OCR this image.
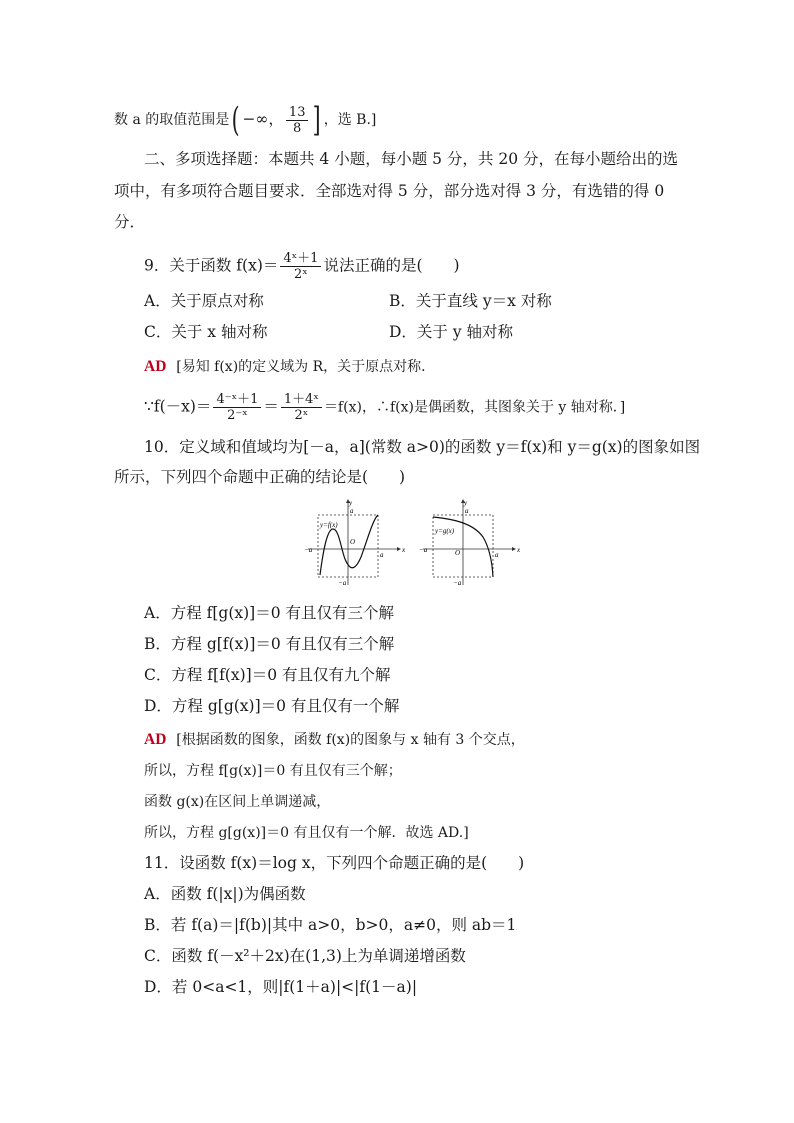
数 a 的取值范围是( −∞， $\frac{13}{8}$ ] ，选 B.]
二、多项选择题：本题共 4 小题，每小题 5 分，共 20 分，在每小题给出的选
项中，有多项符合题目要求．全部选对得 5 分，部分选对得 3 分，有选错的得 0
分．
9．关于函数 $f(x)= \frac{\text{4ˣ＋1}}{\text{2ˣ}}$ 说法正确的是(　　)
A．关于原点对称	B．关于直线 y＝x 对称
C．关于 x 轴对称	D．关于 y 轴对称
AD [易知 f(x)的定义域为 R，关于原点对称．
∵f(－x)＝ $\frac{\text{4⁻ˣ＋1}}{\text{2⁻ˣ}} = \frac{\text{1＋4ˣ}}{\text{2ˣ}} =f(x)$，∴f(x)是偶函数，其图象关于 y 轴对称．]
10．定义域和值域均为[－a，a](常数 a>0)的函数 y＝f(x)和 y＝g(x)的图象如图
所示，下列四个命题中正确的结论是(　　)
y
x
a
y=f(x)
−a
a
O
−a
y
x
a
y=g(x)
−a
a
O
−a
A．方程 f[g(x)]＝0 有且仅有三个解
B．方程 g[f(x)]＝0 有且仅有三个解
C．方程 f[f(x)]＝0 有且仅有九个解
D．方程 g[g(x)]＝0 有且仅有一个解
AD [根据函数的图象，函数 f(x)的图象与 x 轴有 3 个交点，
所以，方程 f[g(x)]＝0 有且仅有三个解；
函数 g(x)在区间上单调递减，
所以，方程 g[g(x)]＝0 有且仅有一个解．故选 AD.]
11．设函数 f(x)＝log x，下列四个命题正确的是(　　)
A．函数 f(|x|)为偶函数
B．若 f(a)＝|f(b)|其中 a>0，b>0，a≠0，则 ab＝1
C．函数 f(－x²＋2x)在(1,3)上为单调递增函数
D．若 0<a<1，则|f(1＋a)|<|f(1－a)|
